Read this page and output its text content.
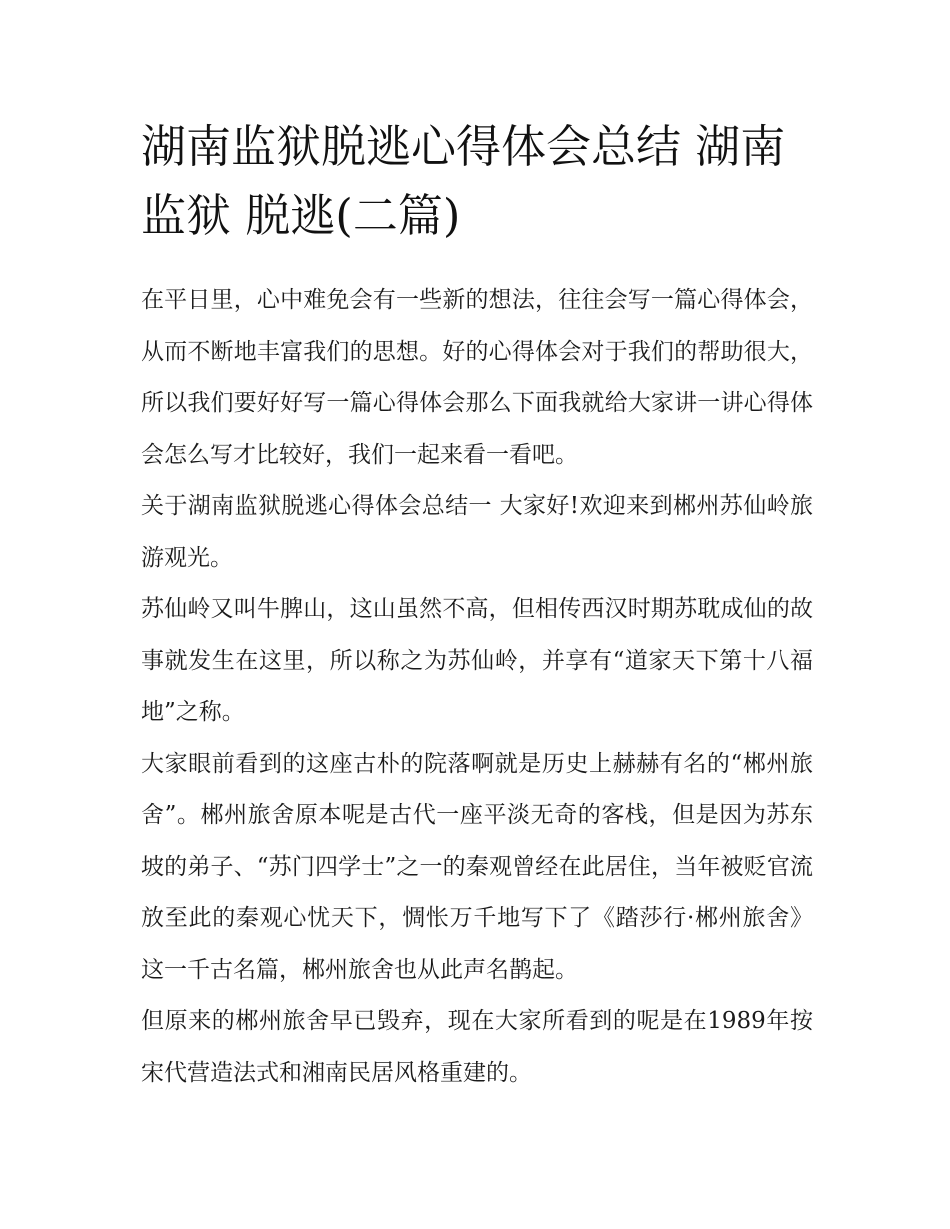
湖南监狱脱逃心得体会总结 湖南监狱 脱逃(二篇)

在平日里，心中难免会有一些新的想法，往往会写一篇心得体会，从而不断地丰富我们的思想。好的心得体会对于我们的帮助很大，所以我们要好好写一篇心得体会那么下面我就给大家讲一讲心得体会怎么写才比较好，我们一起来看一看吧。

关于湖南监狱脱逃心得体会总结一 大家好!欢迎来到郴州苏仙岭旅游观光。

苏仙岭又叫牛脾山，这山虽然不高，但相传西汉时期苏耽成仙的故事就发生在这里，所以称之为苏仙岭，并享有“道家天下第十八福地”之称。

大家眼前看到的这座古朴的院落啊就是历史上赫赫有名的“郴州旅舍”。郴州旅舍原本呢是古代一座平淡无奇的客栈，但是因为苏东坡的弟子、“苏门四学士”之一的秦观曾经在此居住，当年被贬官流放至此的秦观心忧天下，惆怅万千地写下了《踏莎行·郴州旅舍》这一千古名篇，郴州旅舍也从此声名鹊起。

但原来的郴州旅舍早已毁弃，现在大家所看到的呢是在1989年按宋代营造法式和湘南民居风格重建的。
